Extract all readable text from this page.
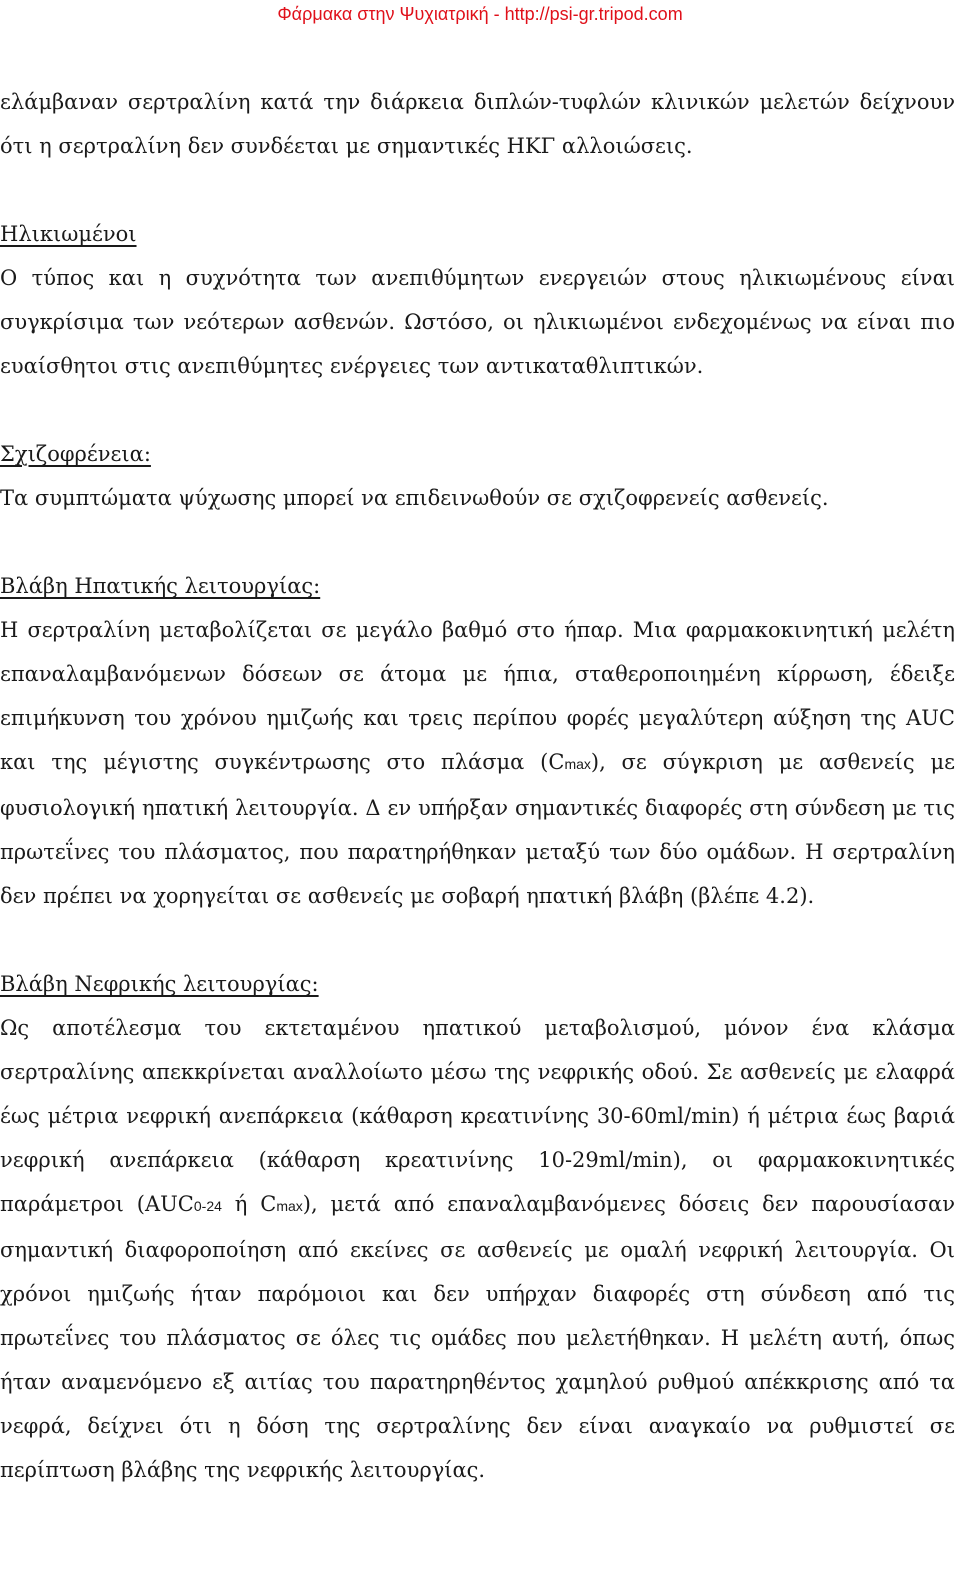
Φάρμακα στην Ψυχιατρική - http://psi-gr.tripod.com

ελάμβαναν σερτραλίνη κατά την διάρκεια διπλών-τυφλών κλινικών μελετών δείχνουν ότι η σερτραλίνη δεν συνδέεται με σημαντικές ΗΚΓ αλλοιώσεις.

Ηλικιωμένοι

Ο τύπος και η συχνότητα των ανεπιθύμητων ενεργειών στους ηλικιωμένους είναι συγκρίσιμα των νεότερων ασθενών. Ωστόσο, οι ηλικιωμένοι ενδεχομένως να είναι πιο ευαίσθητοι στις ανεπιθύμητες ενέργειες των αντικαταθλιπτικών.

Σχιζοφρένεια:

Τα συμπτώματα ψύχωσης μπορεί να επιδεινωθούν σε σχιζοφρενείς ασθενείς.

Βλάβη Ηπατικής λειτουργίας:

Η σερτραλίνη μεταβολίζεται σε μεγάλο βαθμό στο ήπαρ. Μια φαρμακοκινητική μελέτη επαναλαμβανόμενων δόσεων σε άτομα με ήπια, σταθεροποιημένη κίρρωση, έδειξε επιμήκυνση του χρόνου ημιζωής και τρεις περίπου φορές μεγαλύτερη αύξηση της AUC και της μέγιστης συγκέντρωσης στο πλάσμα (Cmax), σε σύγκριση με ασθενείς με φυσιολογική ηπατική λειτουργία. Δ εν υπήρξαν σημαντικές διαφορές στη σύνδεση με τις πρωτεΐνες του πλάσματος, που παρατηρήθηκαν μεταξύ των δύο ομάδων. Η σερτραλίνη δεν πρέπει να χορηγείται σε ασθενείς με σοβαρή ηπατική βλάβη (βλέπε 4.2).

Βλάβη Νεφρικής λειτουργίας:

Ως αποτέλεσμα του εκτεταμένου ηπατικού μεταβολισμού, μόνον ένα κλάσμα σερτραλίνης απεκκρίνεται αναλλοίωτο μέσω της νεφρικής οδού. Σε ασθενείς με ελαφρά έως μέτρια νεφρική ανεπάρκεια (κάθαρση κρεατινίνης 30-60ml/min) ή μέτρια έως βαριά νεφρική ανεπάρκεια (κάθαρση κρεατινίνης 10-29ml/min), οι φαρμακοκινητικές παράμετροι (AUC0-24 ή Cmax), μετά από επαναλαμβανόμενες δόσεις δεν παρουσίασαν σημαντική διαφοροποίηση από εκείνες σε ασθενείς με ομαλή νεφρική λειτουργία. Οι χρόνοι ημιζωής ήταν παρόμοιοι και δεν υπήρχαν διαφορές στη σύνδεση από τις πρωτεΐνες του πλάσματος σε όλες τις ομάδες που μελετήθηκαν. Η μελέτη αυτή, όπως ήταν αναμενόμενο εξ αιτίας του παρατηρηθέντος χαμηλού ρυθμού απέκκρισης από τα νεφρά, δείχνει ότι η δόση της σερτραλίνης δεν είναι αναγκαίο να ρυθμιστεί σε περίπτωση βλάβης της νεφρικής λειτουργίας.
